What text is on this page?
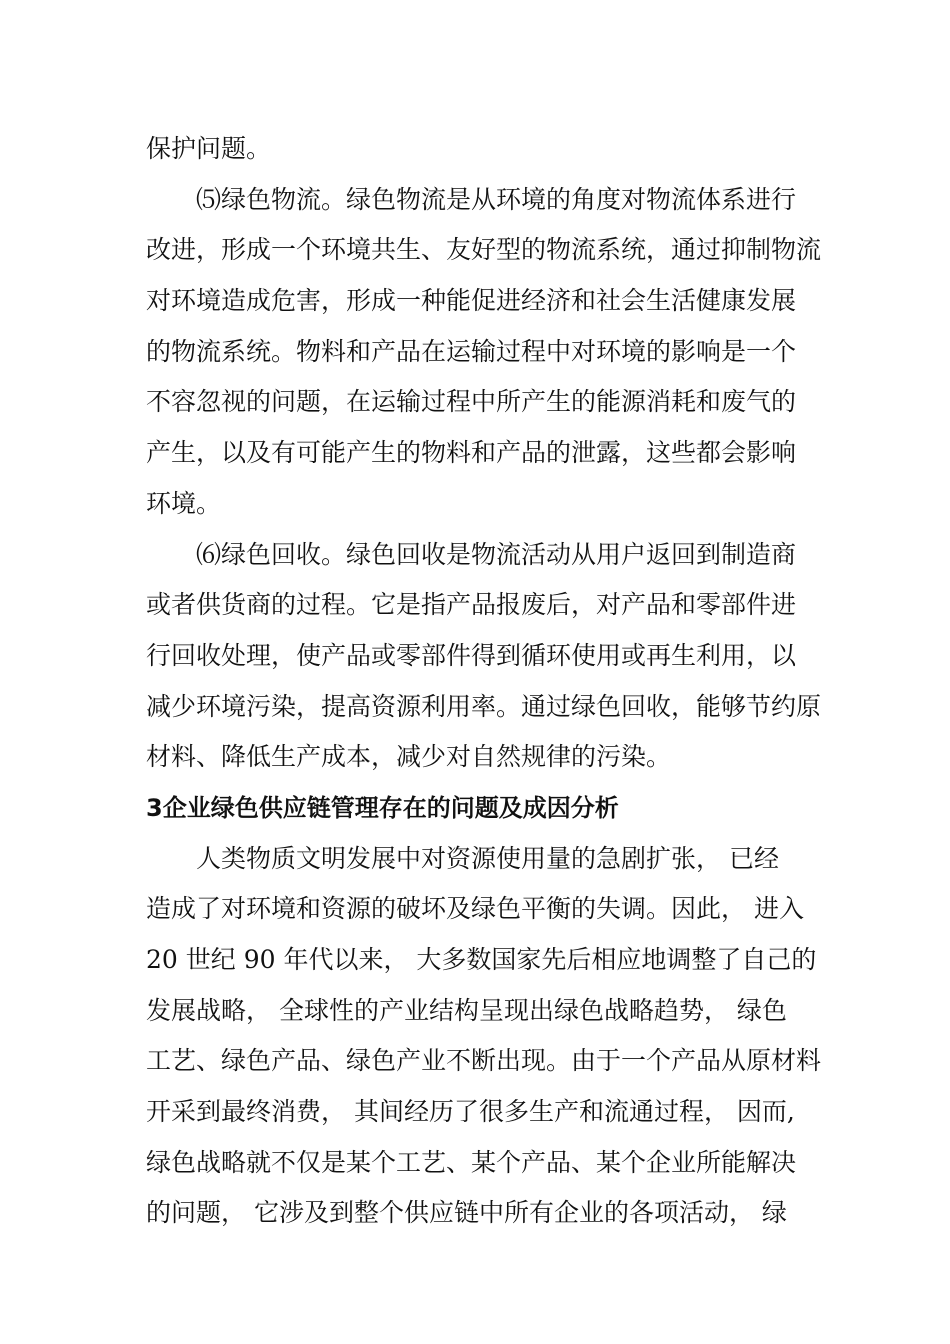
保护问题。
⑸绿色物流。绿色物流是从环境的角度对物流体系进行
改进，形成一个环境共生、友好型的物流系统，通过抑制物流
对环境造成危害，形成一种能促进经济和社会生活健康发展
的物流系统。物料和产品在运输过程中对环境的影响是一个
不容忽视的问题，在运输过程中所产生的能源消耗和废气的
产生，以及有可能产生的物料和产品的泄露，这些都会影响
环境。
⑹绿色回收。绿色回收是物流活动从用户返回到制造商
或者供货商的过程。它是指产品报废后，对产品和零部件进
行回收处理，使产品或零部件得到循环使用或再生利用，以
减少环境污染，提高资源利用率。通过绿色回收，能够节约原
材料、降低生产成本，减少对自然规律的污染。
3企业绿色供应链管理存在的问题及成因分析
人类物质文明发展中对资源使用量的急剧扩张， 已经
造成了对环境和资源的破坏及绿色平衡的失调。因此， 进入
20 世纪 90 年代以来， 大多数国家先后相应地调整了自己的
发展战略， 全球性的产业结构呈现出绿色战略趋势， 绿色
工艺、绿色产品、绿色产业不断出现。由于一个产品从原材料
开采到最终消费， 其间经历了很多生产和流通过程， 因而,
绿色战略就不仅是某个工艺、某个产品、某个企业所能解决
的问题， 它涉及到整个供应链中所有企业的各项活动， 绿
